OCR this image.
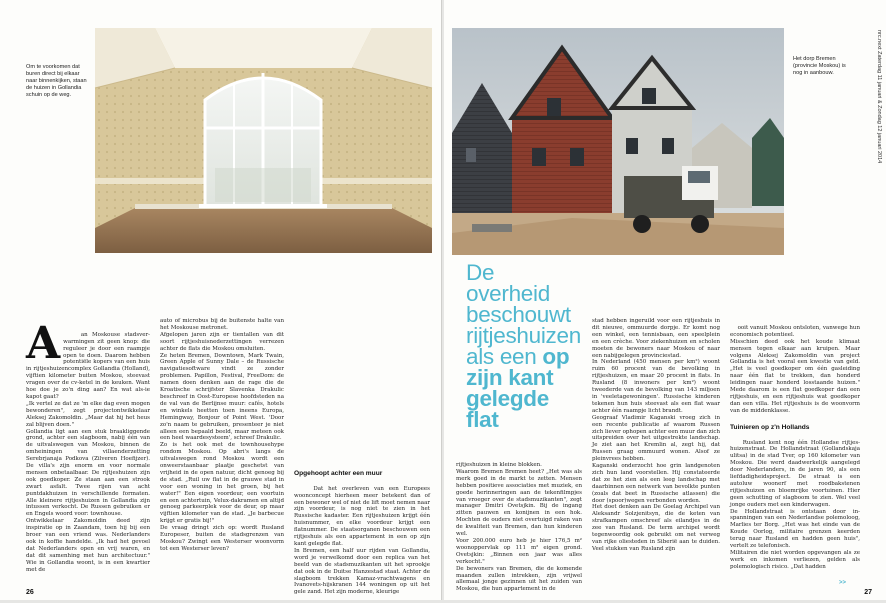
Om te voorkomen dat buren direct bij elkaar naar binnenkijken, staan de huizen in Gollandia schuin op de weg.

A	an Moskouse stadsverwarmingen zit geen knop: die reguleer je door een raampje open te doen. Daarom hebben potentiële kopers van een huis in rijtjeshuizencomplex Gollandia (Holland), vijftien kilometer buiten Moskou, steevast vragen over de cv-ketel in de keuken. Want hoe doe je zo'n ding aan? En wat als-ie kapot gaat?
„Ik vertel ze dat ze 'm elke dag even mogen bewonderen", zegt projectontwikkelaar Aleksej Zakomoldin. „Maar dat hij het heus zal blijven doen."
Gollandia ligt aan een stuk braakliggende grond, achter een slagboom, nabij één van de uitvalswegen van Moskou, binnen de omheiningen van villaenderzetting Serebrjanaja Podkova (Zilveren Hoefijzer). De villa's zijn enorm en voor normale mensen onbetaalbaar. De rijtjeshuizen zijn ook goedkoper. Ze staan aan een strook zwart asfalt. Twee rijen van acht puntdakhuizen in verschillende formaten. Alle kleinere rijtjeshuizen in Gollandia zijn intussen verkocht. De Russen gebruiken er en Engels woord voor: townhouse.
Ontwikkelaar Zakomoldin deed zijn inspiratie op in Zaandam, toen hij bij een broer van een vriend was. Nederlanders ook in koffie handelde. „Ik had het gevoel dat Nederlanders open en vrij waren, en dat dit samenhing met hun architectuur." Wie in Gollandia woont, is in een kwartier met de

auto of microbus bij de buitenste halte van het Moskouse metronet.
Afgelopen jaren zijn er tientallen van dit soort rijtjeshuisnederzettingen verrezen achter de flats die Moskou omsluiten.
Ze heten Bremen, Downtown, Mark Twain, Green Apple of Sunny Dale – de Russische navigatiesoftware vindt ze zonder problemen. Papillon, Festival, FreeDom: de namen doen denken aan de rage die de Kroatische schrijfster Slavenka Drakulic beschreef in Oost-Europese hoofdsteden na de val van de Berlijnse muur: cafés, hotels en winkels heetten toen ineens Europa, Hemingway, Bonjour of Point West. 'Door zo'n naam te gebruiken, presenteer je niet alleen een bepaald beeld, maar meteen ook een heel waardesysteem', schreef Drakulic.
Zo is het ook met de townhousehype rondom Moskou. Op abri's langs de uitvalswegen rond Moskou wordt een onweerstaanbaar plaatje geschetst van vrijheid in de open natuur, dicht genoeg bij de stad. „Ruil uw flat in de grauwe stad in voor een woning in het groen, bij het water!" Een eigen voordeur, een voortuin en een achtertuin, Velux-dakramen en altijd genoeg parkeerplek voor de deur, op maar vijftien kilometer van de stad. „Je barbecue krijgt er gratis bij!"
De vraag dringt zich op: wordt Rusland Europeser, buiten de stadsgrenzen van Moskou? Zwingt een Westerser woonvorm tot een Westerser leven?

Opgehoopt achter een muur

Dat het overleven van een Europees woonconcept hierheen meer betekent dan of een bewoner wel of niet de lift moet nemen naar zijn voordeur, is nog niet te zien in het Russische kadaster. Een rijtjeshuizen krijgt één huisnummer, en elke voordeur krijgt een flatnummer. De staatsorganen beschouwen een rijtjeshuis als een appartement in een op zijn kant gelegde flat.
In Bremen, een half uur rijden van Gollandia, word je verwelkomd door een replica van het beeld van de stadsmuzikanten uit het sprookje dat ook in de Duitse Hanzestad staat. Achter de slagboom trekken Kamaz-vrachtwagens en Ivanovets-hijskranen 144 woningen op uit het gele zand. Het zijn moderne, kleurige

26
Het dorp Bremen (provincie Moskou) is nog in aanbouw.	nrc.next Zaterdag 11 januari & Zondag 12 januari 2014
De overheid beschouwt rijtjeshuizen als een op zijn kant gelegde flat
rijtjeshuizen in kleine blokken.
Waarom Bremen Bremen heet? „Het was als merk goed in de markt te zetten. Mensen hebben positieve associaties met muziek, en goede herinneringen aan de tekenfilmpjes van vroeger over de stadsmuzikanten", zegt manager Dmitri Ovetsjkin. Bij de ingang zitten pauwen en konijnen in een hok. Mochten de ouders niet overtuigd raken van de kwaliteit van Bremen, dan hun kinderen wel.
Voor 200.000 euro heb je hier 176,5 m² woonoppervlak op 111 m² eigen grond. Ovetsjkin: „Binnen een jaar was alles verkocht."
De bewoners van Bremen, die de komende maanden zullen intrekken, zijn vrijwel allemaal jonge gezinnen uit het zuiden van Moskou, die hun appartement in de
stad hebben ingeruild voor een rijtjeshuis in dit nieuwe, ommuurde dorpje. Er komt nog een winkel, een tennisbaan, een speelplein en een crèche. Voor ziekenhuizen en scholen moeten de bewoners naar Moskou of naar een nabijgelegen provinciestad.
In Nederland (450 mensen per km²) woont ruim 60 procent van de bevolking in rijtjeshuizen, en maar 20 procent in flats. In Rusland (8 inwoners per km²) woont tweederde van de bevolking van 143 miljoen in 'veeletagewoningen'. Russische kinderen tekenen hun huis steevast als een flat waar achter één raampje licht brandt.
Geograaf Vladimir Kaganski vroeg zich in een recente publicatie af waarom Russen zich liever ophopen achter een muur dan zich uitspreiden over het uitgestrekte landschap. Je ziet aan het Kremlin al, zegt hij, dat Russen graag ommuurd wonen. Alsof ze pleinvrees hebben.
Kaganski onderzocht hoe grin landgenoten zich hun land voorstellen. Hij constateerde dat ze het zien als een leeg landschap met daarbinnen een netwerk van bevolkte punten (zoals dat beet in Russische atlassen) die door (spoor)wegen verbonden worden.
Het doet denken aan De Goelag Archipel van Aleksandr Solzjenitsyn, die de keten van strafkampen omschreef als eilandjes in de zee van Rusland. De term archipel wordt tegenwoordig ook gebruikt om net verweg van rijke oliesteden in Siberië aan te duiden. Veel stukken van Rusland zijn

ooit vanuit Moskou ontsloten, vanwege hun economisch potentieel.
Misschien deed ook het koude klimaat mensen tegen elkaar aan kruipen. Maar volgens Aleksej Zakomoldin van project Gollandia is het vooral een kwestie van geld. „Het is veel goedkoper om één gasleiding naar één flat te trekken, dan honderd leidingen naar honderd losstaande huizen." Mede daarom is een flat goedkoper dan een rijtjeshuis, en een rijtjeshuis wat goedkoper dan een villa. Het rijtjeshuis is de woonvorm van de middenklasse.

Tuinieren op z'n Hollands

Rusland kent nog één Hollandse rijtjeshuizenstraat. De Hollandstraat (Gollandskaja ulitsa) in de stad Tver, op 160 kilometer van Moskou. Die werd daadwerkelijk aangelegd door Nederlanders, in de jaren 90, als een liefdadigheidsproject. De straat is een autoluw woonerf met roodbakstenen rijtjeshuizen en bloemrijke voortuinen. Hier geen schutting of slagboom te zien. Wel veel jonge ouders met een kinderwagen.
De Hollandstraat is ontstaan door inspanningen van een Nederlandse polemoloog, Marlies ter Borg. „Het was het einde van de Koude Oorlog, militaire grenzen keerden terug naar Rusland en hadden geen huis", vertelt ze telefonisch.
Militairen die niet worden opgevangen als ze werk en inkomen verliezen, gelden als polemologisch risico. „Dat hadden

>>
27
